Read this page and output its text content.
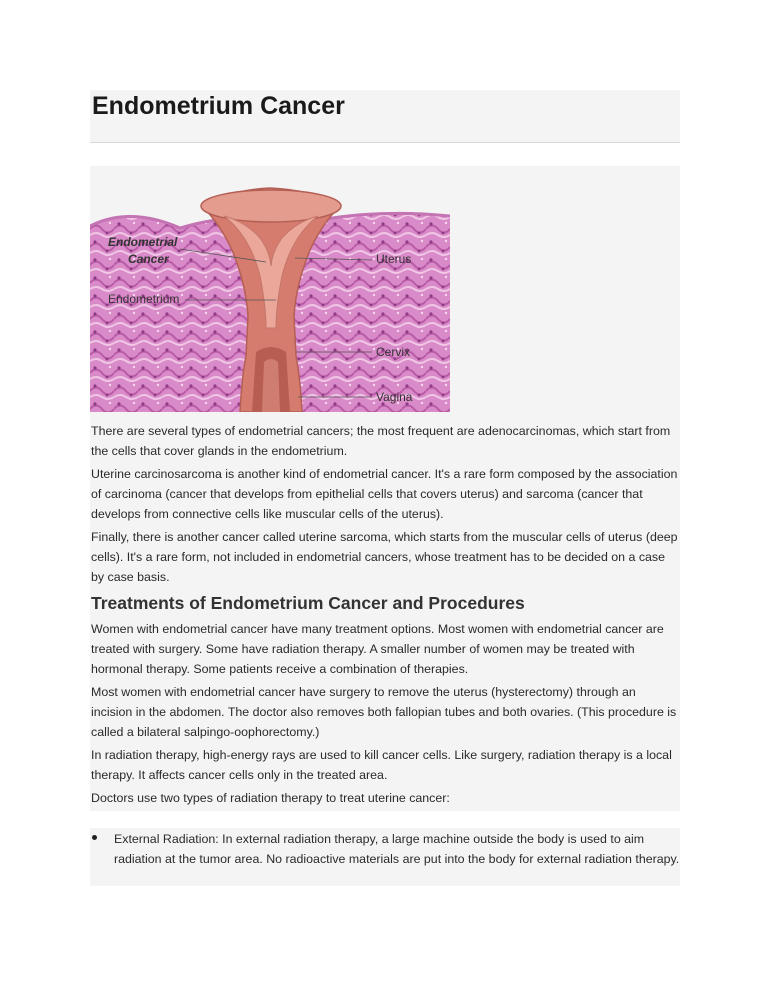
Endometrium Cancer
Endometrial
Cancer
Endometrium
Uterus
Cervix
Vagina

There are several types of endometrial cancers; the most frequent are adenocarcinomas, which start from the cells that cover glands in the endometrium.

Uterine carcinosarcoma is another kind of endometrial cancer. It's a rare form composed by the association of carcinoma (cancer that develops from epithelial cells that covers uterus) and sarcoma (cancer that develops from connective cells like muscular cells of the uterus).

Finally, there is another cancer called uterine sarcoma, which starts from the muscular cells of uterus (deep cells). It's a rare form, not included in endometrial cancers, whose treatment has to be decided on a case by case basis.

Treatments of Endometrium Cancer and Procedures

Women with endometrial cancer have many treatment options. Most women with endometrial cancer are treated with surgery. Some have radiation therapy. A smaller number of women may be treated with hormonal therapy. Some patients receive a combination of therapies.

Most women with endometrial cancer have surgery to remove the uterus (hysterectomy) through an incision in the abdomen. The doctor also removes both fallopian tubes and both ovaries. (This procedure is called a bilateral salpingo-oophorectomy.)

In radiation therapy, high-energy rays are used to kill cancer cells. Like surgery, radiation therapy is a local therapy. It affects cancer cells only in the treated area.

Doctors use two types of radiation therapy to treat uterine cancer:

External Radiation: In external radiation therapy, a large machine outside the body is used to aim radiation at the tumor area. No radioactive materials are put into the body for external radiation therapy.
